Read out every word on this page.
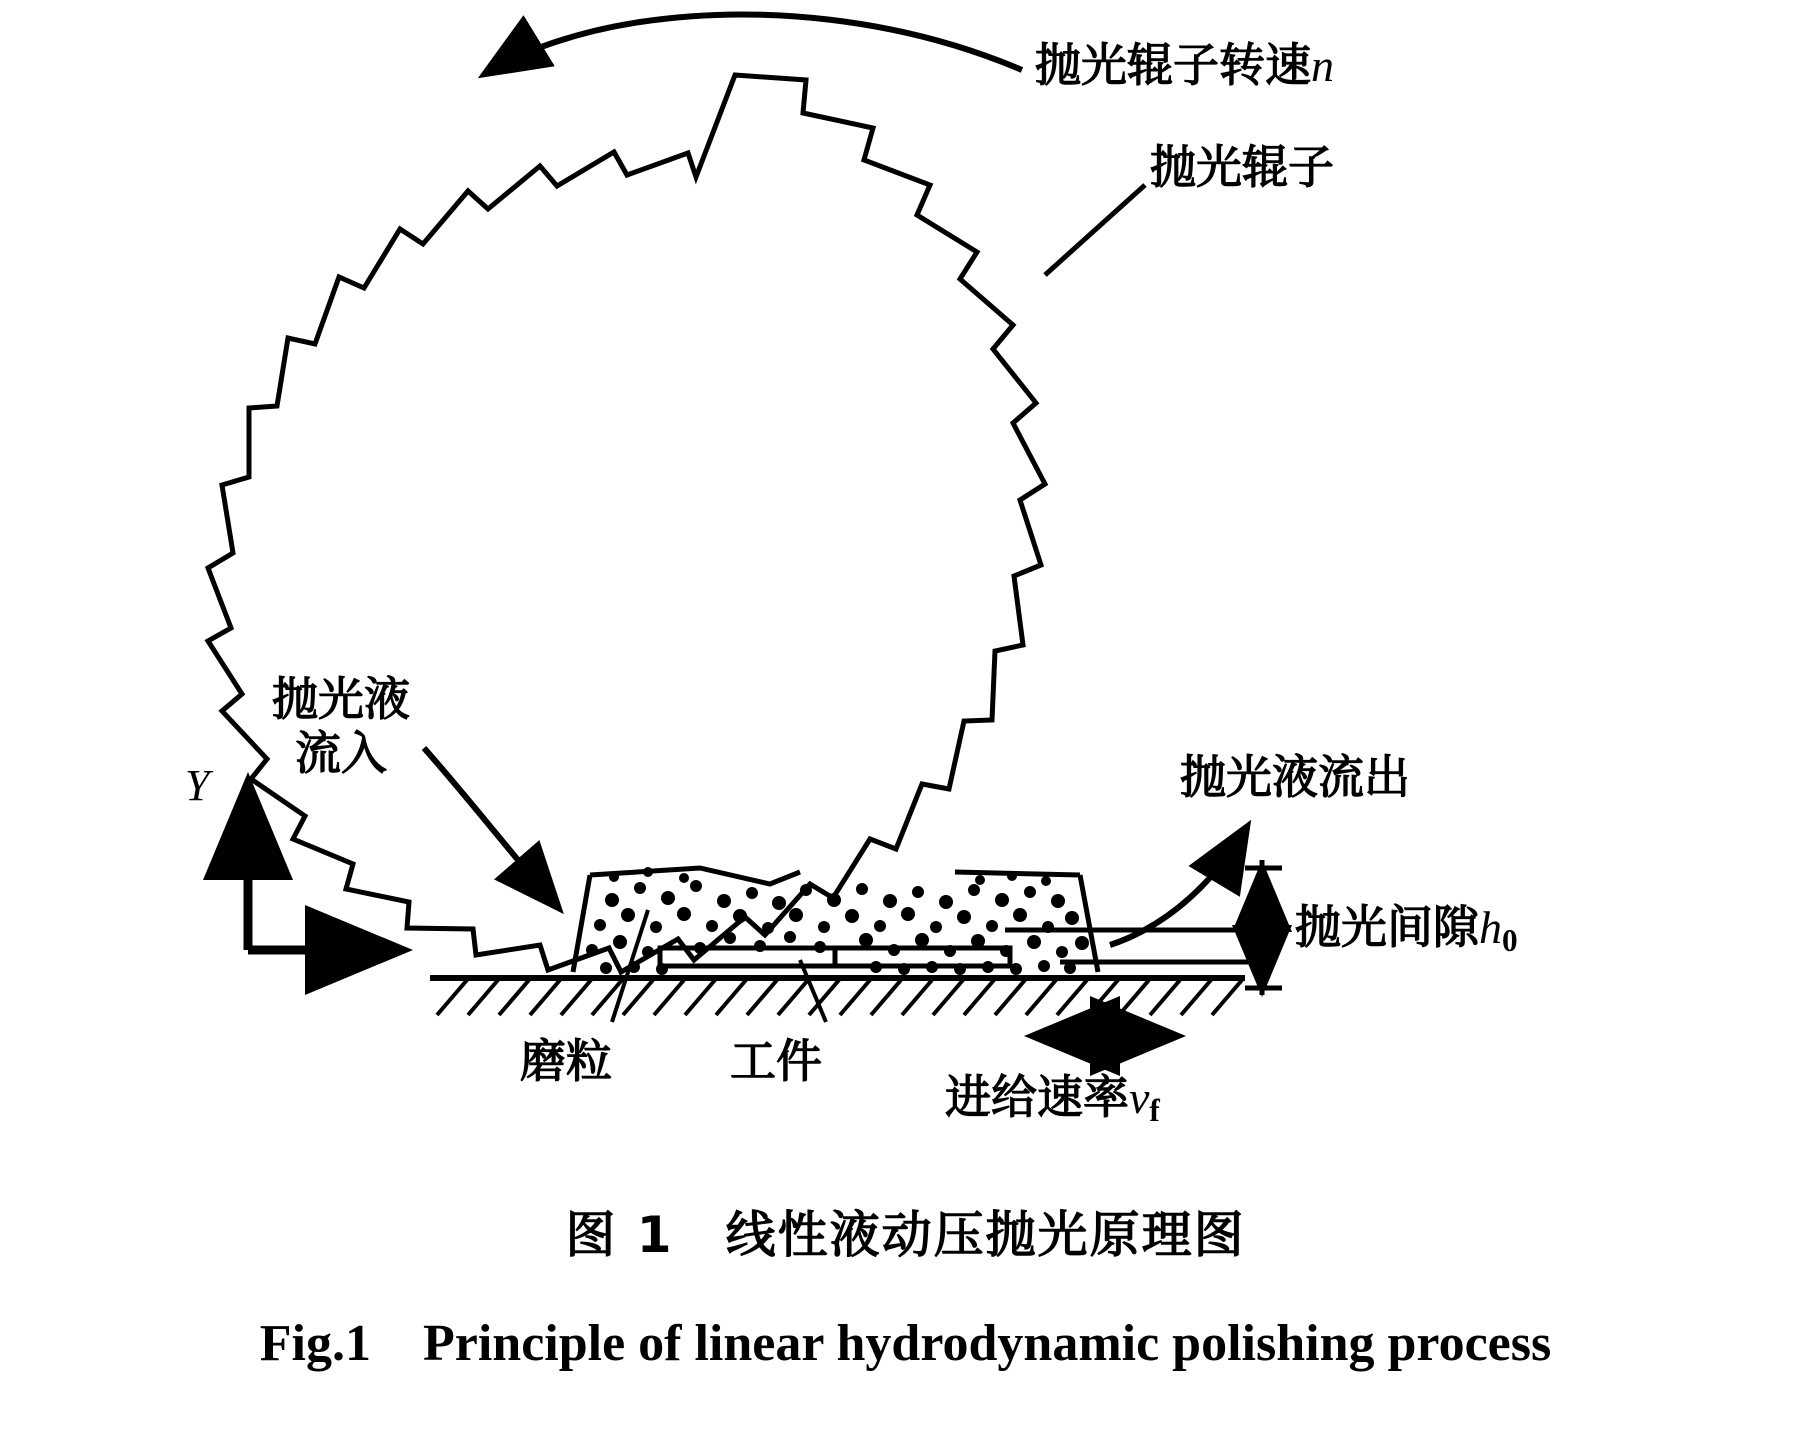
抛光辊子转速n
抛光辊子
抛光液
流入	抛光液流出
抛光间隙$h_0$
磨粒	工件
进给速率$v_f$
Y
X
图 1　线性液动压抛光原理图
Fig.1　Principle of linear hydrodynamic polishing process
